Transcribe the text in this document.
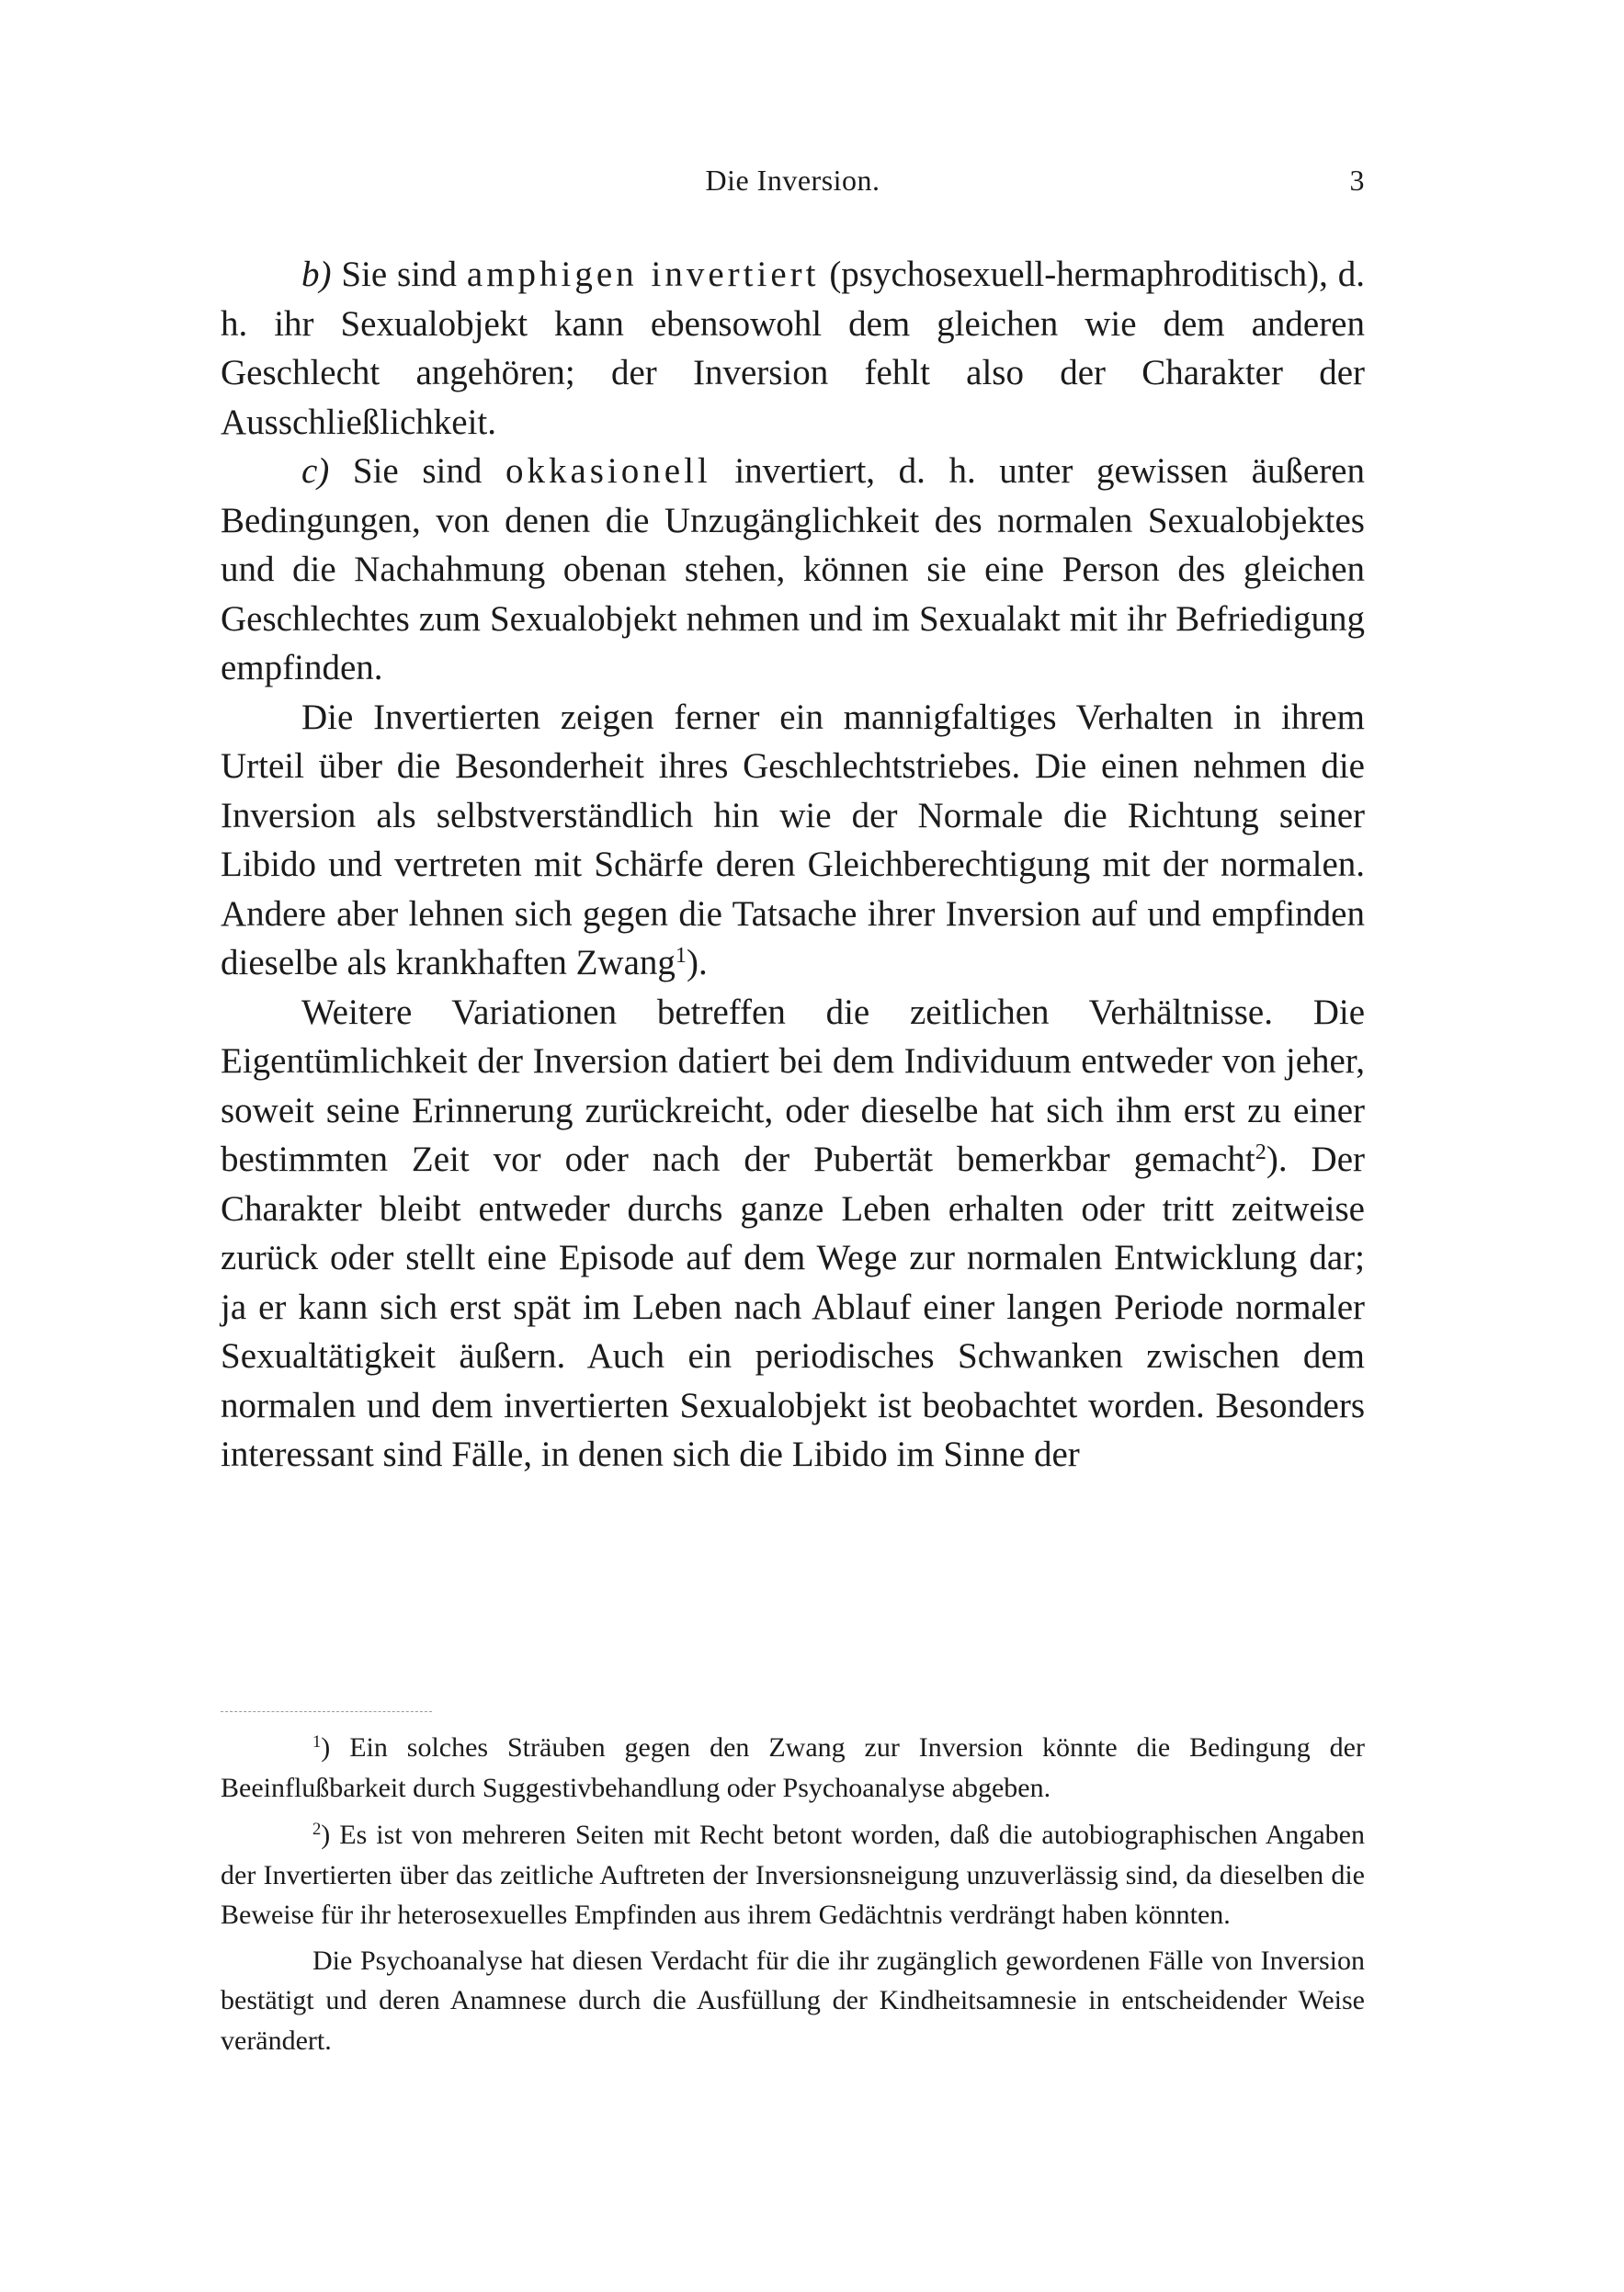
Die Inversion.	3

b) Sie sind amphigen invertiert (psychosexuell-hermaphroditisch), d. h. ihr Sexualobjekt kann ebensowohl dem gleichen wie dem anderen Geschlecht angehören; der Inversion fehlt also der Charakter der Ausschließlichkeit.

c) Sie sind okkasionell invertiert, d. h. unter gewissen äußeren Bedingungen, von denen die Unzugänglichkeit des normalen Sexualobjektes und die Nachahmung obenan stehen, können sie eine Person des gleichen Geschlechtes zum Sexualobjekt nehmen und im Sexualakt mit ihr Befriedigung empfinden.

Die Invertierten zeigen ferner ein mannigfaltiges Verhalten in ihrem Urteil über die Besonderheit ihres Geschlechtstriebes. Die einen nehmen die Inversion als selbstverständlich hin wie der Normale die Richtung seiner Libido und vertreten mit Schärfe deren Gleichberechtigung mit der normalen. Andere aber lehnen sich gegen die Tatsache ihrer Inversion auf und empfinden dieselbe als krankhaften Zwang$^1$).

Weitere Variationen betreffen die zeitlichen Verhältnisse. Die Eigentümlichkeit der Inversion datiert bei dem Individuum entweder von jeher, soweit seine Erinnerung zurückreicht, oder dieselbe hat sich ihm erst zu einer bestimmten Zeit vor oder nach der Pubertät bemerkbar gemacht$^2$). Der Charakter bleibt entweder durchs ganze Leben erhalten oder tritt zeitweise zurück oder stellt eine Episode auf dem Wege zur normalen Entwicklung dar; ja er kann sich erst spät im Leben nach Ablauf einer langen Periode normaler Sexualtätigkeit äußern. Auch ein periodisches Schwanken zwischen dem normalen und dem invertierten Sexualobjekt ist beobachtet worden. Besonders interessant sind Fälle, in denen sich die Libido im Sinne der

$^1$) Ein solches Sträuben gegen den Zwang zur Inversion könnte die Bedingung der Beeinflußbarkeit durch Suggestivbehandlung oder Psychoanalyse abgeben.

$^2$) Es ist von mehreren Seiten mit Recht betont worden, daß die autobiographischen Angaben der Invertierten über das zeitliche Auftreten der Inversionsneigung unzuverlässig sind, da dieselben die Beweise für ihr heterosexuelles Empfinden aus ihrem Gedächtnis verdrängt haben könnten.

Die Psychoanalyse hat diesen Verdacht für die ihr zugänglich gewordenen Fälle von Inversion bestätigt und deren Anamnese durch die Ausfüllung der Kindheitsamnesie in entscheidender Weise verändert.
